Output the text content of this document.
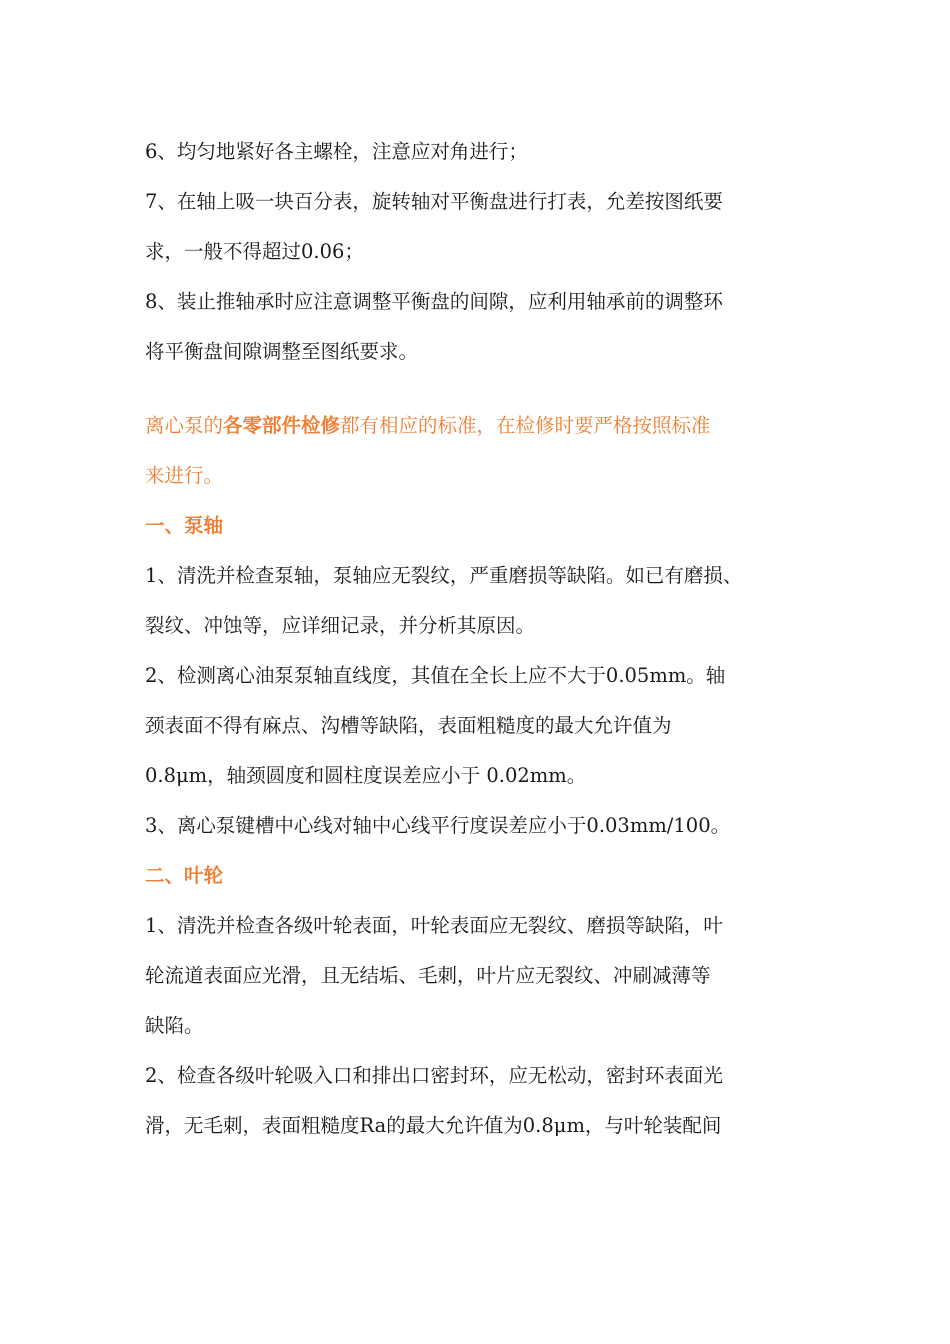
6、均匀地紧好各主螺栓，注意应对角进行；
7、在轴上吸一块百分表，旋转轴对平衡盘进行打表，允差按图纸要
求，一般不得超过0.06；
8、装止推轴承时应注意调整平衡盘的间隙，应利用轴承前的调整环
将平衡盘间隙调整至图纸要求。
离心泵的各零部件检修都有相应的标准，在检修时要严格按照标准
来进行。
一、泵轴
1、清洗并检查泵轴，泵轴应无裂纹，严重磨损等缺陷。如已有磨损、
裂纹、冲蚀等，应详细记录，并分析其原因。
2、检测离心油泵泵轴直线度，其值在全长上应不大于0.05mm。轴
颈表面不得有麻点、沟槽等缺陷，表面粗糙度的最大允许值为
0.8μm，轴颈圆度和圆柱度误差应小于 0.02mm。
3、离心泵键槽中心线对轴中心线平行度误差应小于0.03mm/100。
二、叶轮
1、清洗并检查各级叶轮表面，叶轮表面应无裂纹、磨损等缺陷，叶
轮流道表面应光滑，且无结垢、毛刺，叶片应无裂纹、冲刷减薄等
缺陷。
2、检查各级叶轮吸入口和排出口密封环，应无松动，密封环表面光
滑，无毛刺，表面粗糙度Ra的最大允许值为0.8μm，与叶轮装配间
